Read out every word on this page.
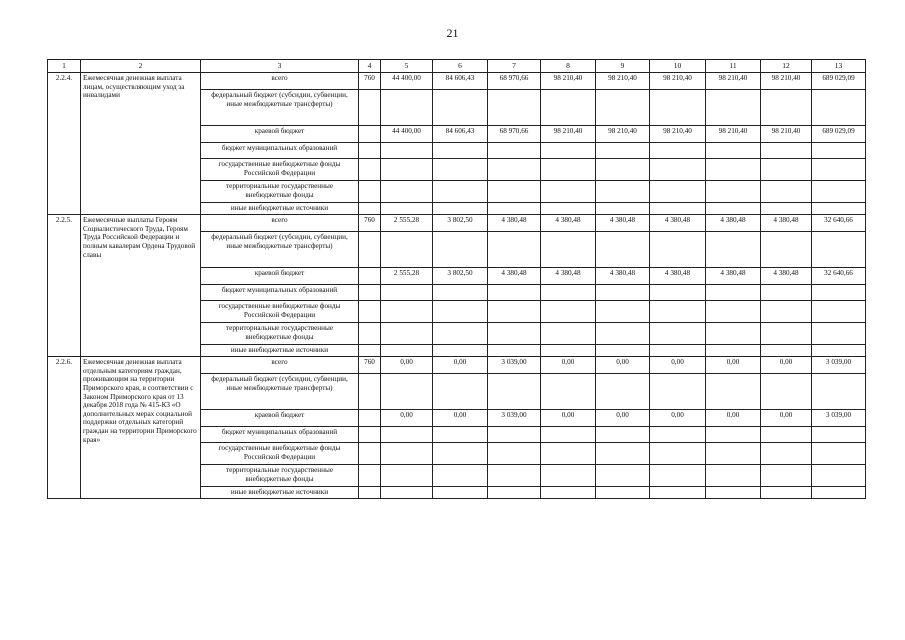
21
1	2	3	4	5	6	7	8	9	10	11	12	13
2.2.4.	Ежемесячная денежная выплата лицам, осуществляющим уход за инвалидами	всего	760	44 400,00	84 606,43	68 970,66	98 210,40	98 210,40	98 210,40	98 210,40	98 210,40	689 029,09
		федеральный бюджет (субсидии, субвенции, иные межбюджетные трансферты)										
		краевой бюджет		44 400,00	84 606,43	68 970,66	98 210,40	98 210,40	98 210,40	98 210,40	98 210,40	689 029,09
		бюджет муниципальных образований										
		государственные внебюджетные фонды Российской Федерации										
		территориальные государственные внебюджетные фонды										
		иные внебюджетные источники										
2.2.5.	Ежемесячные выплаты Героям Социалистического Труда, Героям Труда Российской Федерации и полным кавалерам Ордена Трудовой славы	всего	760	2 555,28	3 802,50	4 380,48	4 380,48	4 380,48	4 380,48	4 380,48	4 380,48	32 640,66
		федеральный бюджет (субсидии, субвенции, иные межбюджетные трансферты)										
		краевой бюджет		2 555,28	3 802,50	4 380,48	4 380,48	4 380,48	4 380,48	4 380,48	4 380,48	32 640,66
		бюджет муниципальных образований										
		государственные внебюджетные фонды Российской Федерации										
		территориальные государственные внебюджетные фонды										
		иные внебюджетные источники										
2.2.6.	Ежемесячная денежная выплата отдельным категориям граждан, проживающим на территории Приморского края, в соответствии с Законом Приморского края от 13 декабря 2018 года № 415-КЗ «О дополнительных мерах социальной поддержки отдельных категорий граждан на территории Приморского края»	всего	760	0,00	0,00	3 039,00	0,00	0,00	0,00	0,00	0,00	3 039,00
		федеральный бюджет (субсидии, субвенции, иные межбюджетные трансферты)										
		краевой бюджет		0,00	0,00	3 039,00	0,00	0,00	0,00	0,00	0,00	3 039,00
		бюджет муниципальных образований										
		государственные внебюджетные фонды Российской Федерации										
		территориальные государственные внебюджетные фонды										
		иные внебюджетные источники										
